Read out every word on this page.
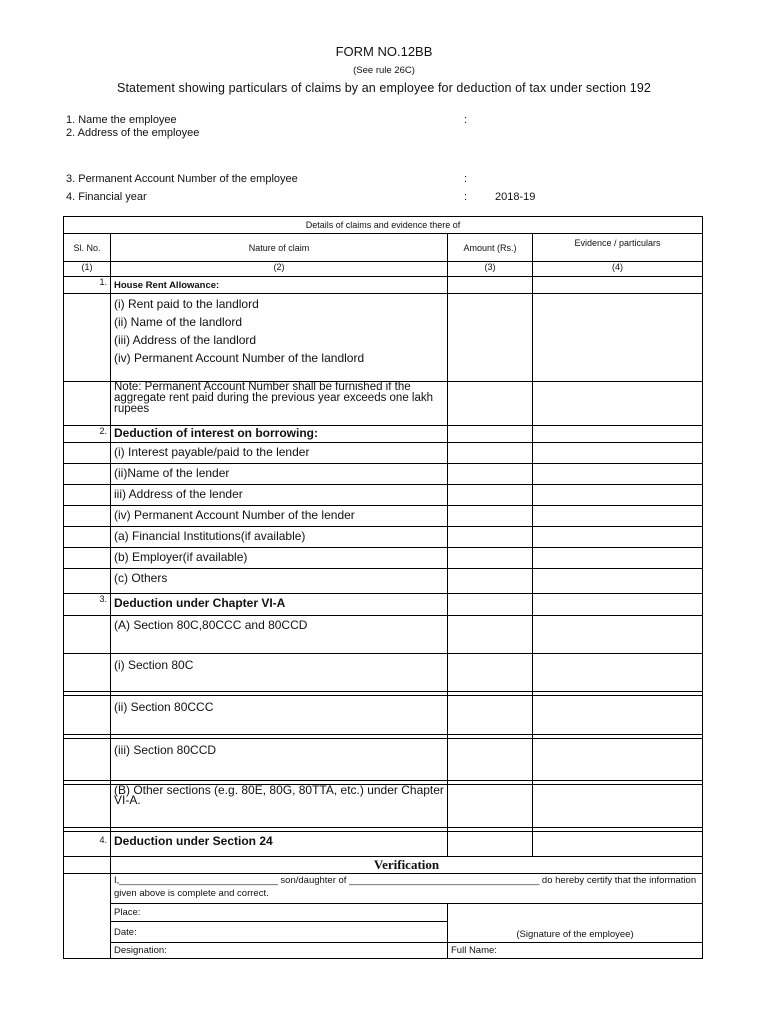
FORM NO.12BB
(See rule 26C)
Statement showing particulars of claims by an employee for deduction of tax under section 192
1. Name the employee	:
2. Address of the employee
3. Permanent Account Number of the employee	:
4. Financial year	:	2018-19
Details of claims and evidence there of			
Sl. No.	Nature of claim	Amount (Rs.)	Evidence / particulars
(1)	(2)	(3)	(4)
1.	House Rent Allowance:		

	(i) Rent paid to the landlord
(ii) Name of the landlord
(iii) Address of the landlord
(iv) Permanent Account Number of the landlord		

	Note: Permanent Account Number shall be furnished if the aggregate rent paid during the previous year exceeds one lakh rupees		
2.	Deduction of interest on borrowing:		
	(i) Interest payable/paid to the lender		
	(ii)Name of the lender		
	iii) Address of the lender		
	(iv) Permanent Account Number of the lender		
	(a) Financial Institutions(if available)		
	(b) Employer(if available)		
	(c) Others		
3.	Deduction under Chapter VI-A		
	(A) Section 80C,80CCC and 80CCD		
	(i) Section 80C		

	(ii) Section 80CCC		

	(iii) Section 80CCD		

	(B) Other sections (e.g. 80E, 80G, 80TTA, etc.) under Chapter VI-A.		

4.	Deduction under Section 24		
	Verification		
	I,______________________________ son/daughter of ____________________________________ do hereby certify that the information given above is complete and correct.		
	Place:	(Signature of the employee)	
	Date:		
	Designation:	Full Name:	
